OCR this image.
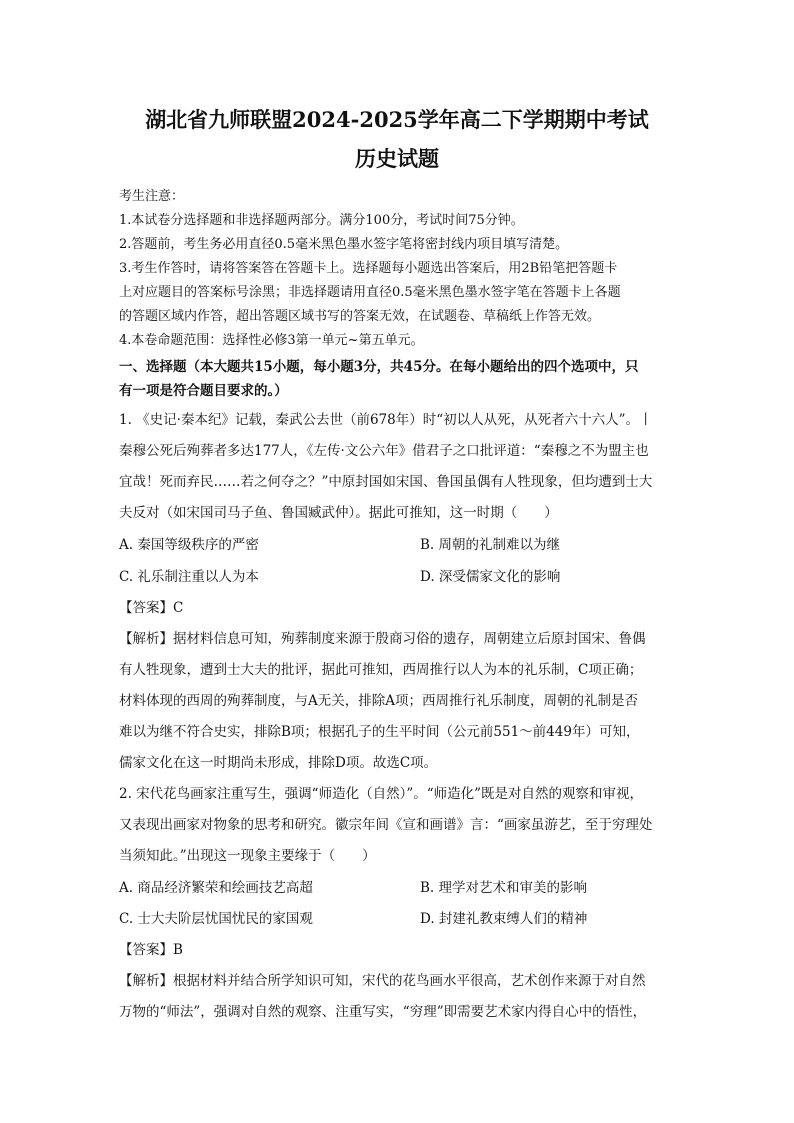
湖北省九师联盟2024-2025学年高二下学期期中考试
历史试题
考生注意：
1.本试卷分选择题和非选择题两部分。满分100分，考试时间75分钟。
2.答题前，考生务必用直径0.5毫米黑色墨水签字笔将密封线内项目填写清楚。
3.考生作答时，请将答案答在答题卡上。选择题每小题选出答案后，用2B铅笔把答题卡
上对应题目的答案标号涂黑；非选择题请用直径0.5毫米黑色墨水签字笔在答题卡上各题
的答题区域内作答，超出答题区域书写的答案无效，在试题卷、草稿纸上作答无效。
4.本卷命题范围：选择性必修3第一单元~第五单元。
一、选择题（本大题共15小题，每小题3分，共45分。在每小题给出的四个选项中，只
有一项是符合题目要求的。）
1. 《史记·秦本纪》记载，秦武公去世（前678年）时“初以人从死，从死者六十六人”。丨
秦穆公死后殉葬者多达177人，《左传·文公六年》借君子之口批评道：“秦穆之不为盟主也
宜哉！死而弃民……若之何夺之？”中原封国如宋国、鲁国虽偶有人牲现象，但均遭到士大
夫反对（如宋国司马子鱼、鲁国臧武仲）。据此可推知，这一时期（　　）
A. 秦国等级秩序的严密	B. 周朝的礼制难以为继
C. 礼乐制注重以人为本	D. 深受儒家文化的影响
【答案】C
【解析】据材料信息可知，殉葬制度来源于殷商习俗的遗存，周朝建立后原封国宋、鲁偶
有人牲现象，遭到士大夫的批评，据此可推知，西周推行以人为本的礼乐制，C项正确；
材料体现的西周的殉葬制度，与A无关，排除A项；西周推行礼乐制度，周朝的礼制是否
难以为继不符合史实，排除B项；根据孔子的生平时间（公元前551～前449年）可知，
儒家文化在这一时期尚未形成，排除D项。故选C项。
2. 宋代花鸟画家注重写生，强调“师造化（自然）”。“师造化”既是对自然的观察和审视，
又表现出画家对物象的思考和研究。徽宗年间《宣和画谱》言：“画家虽游艺，至于穷理处
当须知此。”出现这一现象主要缘于（　　）
A. 商品经济繁荣和绘画技艺高超	B. 理学对艺术和审美的影响
C. 士大夫阶层忧国忧民的家国观	D. 封建礼教束缚人们的精神
【答案】B
【解析】根据材料并结合所学知识可知，宋代的花鸟画水平很高，艺术创作来源于对自然
万物的“师法”，强调对自然的观察、注重写实，“穷理”即需要艺术家内得自心中的悟性，
